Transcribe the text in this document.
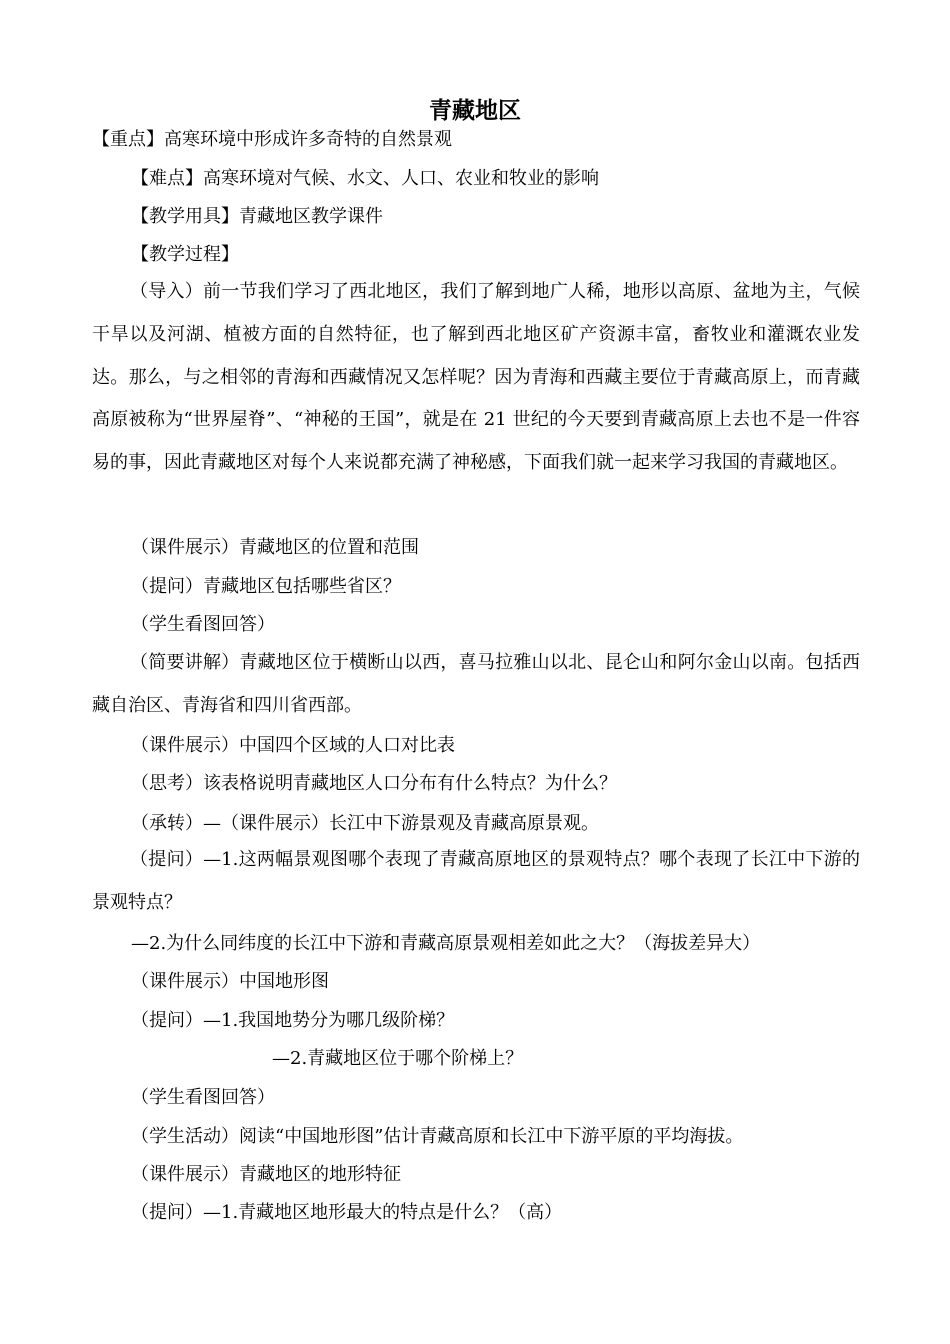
青藏地区
【重点】高寒环境中形成许多奇特的自然景观
【难点】高寒环境对气候、水文、人口、农业和牧业的影响
【教学用具】青藏地区教学课件
【教学过程】
（导入）前一节我们学习了西北地区，我们了解到地广人稀，地形以高原、盆地为主，气候干旱以及河湖、植被方面的自然特征，也了解到西北地区矿产资源丰富，畜牧业和灌溉农业发达。那么，与之相邻的青海和西藏情况又怎样呢？因为青海和西藏主要位于青藏高原上，而青藏高原被称为“世界屋脊”、“神秘的王国”，就是在 21 世纪的今天要到青藏高原上去也不是一件容易的事，因此青藏地区对每个人来说都充满了神秘感，下面我们就一起来学习我国的青藏地区。
（课件展示）青藏地区的位置和范围
（提问）青藏地区包括哪些省区？
（学生看图回答）
（简要讲解）青藏地区位于横断山以西，喜马拉雅山以北、昆仑山和阿尔金山以南。包括西藏自治区、青海省和四川省西部。
（课件展示）中国四个区域的人口对比表
（思考）该表格说明青藏地区人口分布有什么特点？为什么？
（承转）—（课件展示）长江中下游景观及青藏高原景观。
（提问）—1.这两幅景观图哪个表现了青藏高原地区的景观特点？哪个表现了长江中下游的景观特点？
—2.为什么同纬度的长江中下游和青藏高原景观相差如此之大？（海拔差异大）
（课件展示）中国地形图
（提问）—1.我国地势分为哪几级阶梯？
—2.青藏地区位于哪个阶梯上？
（学生看图回答）
（学生活动）阅读“中国地形图”估计青藏高原和长江中下游平原的平均海拔。
（课件展示）青藏地区的地形特征
（提问）—1.青藏地区地形最大的特点是什么？（高）
